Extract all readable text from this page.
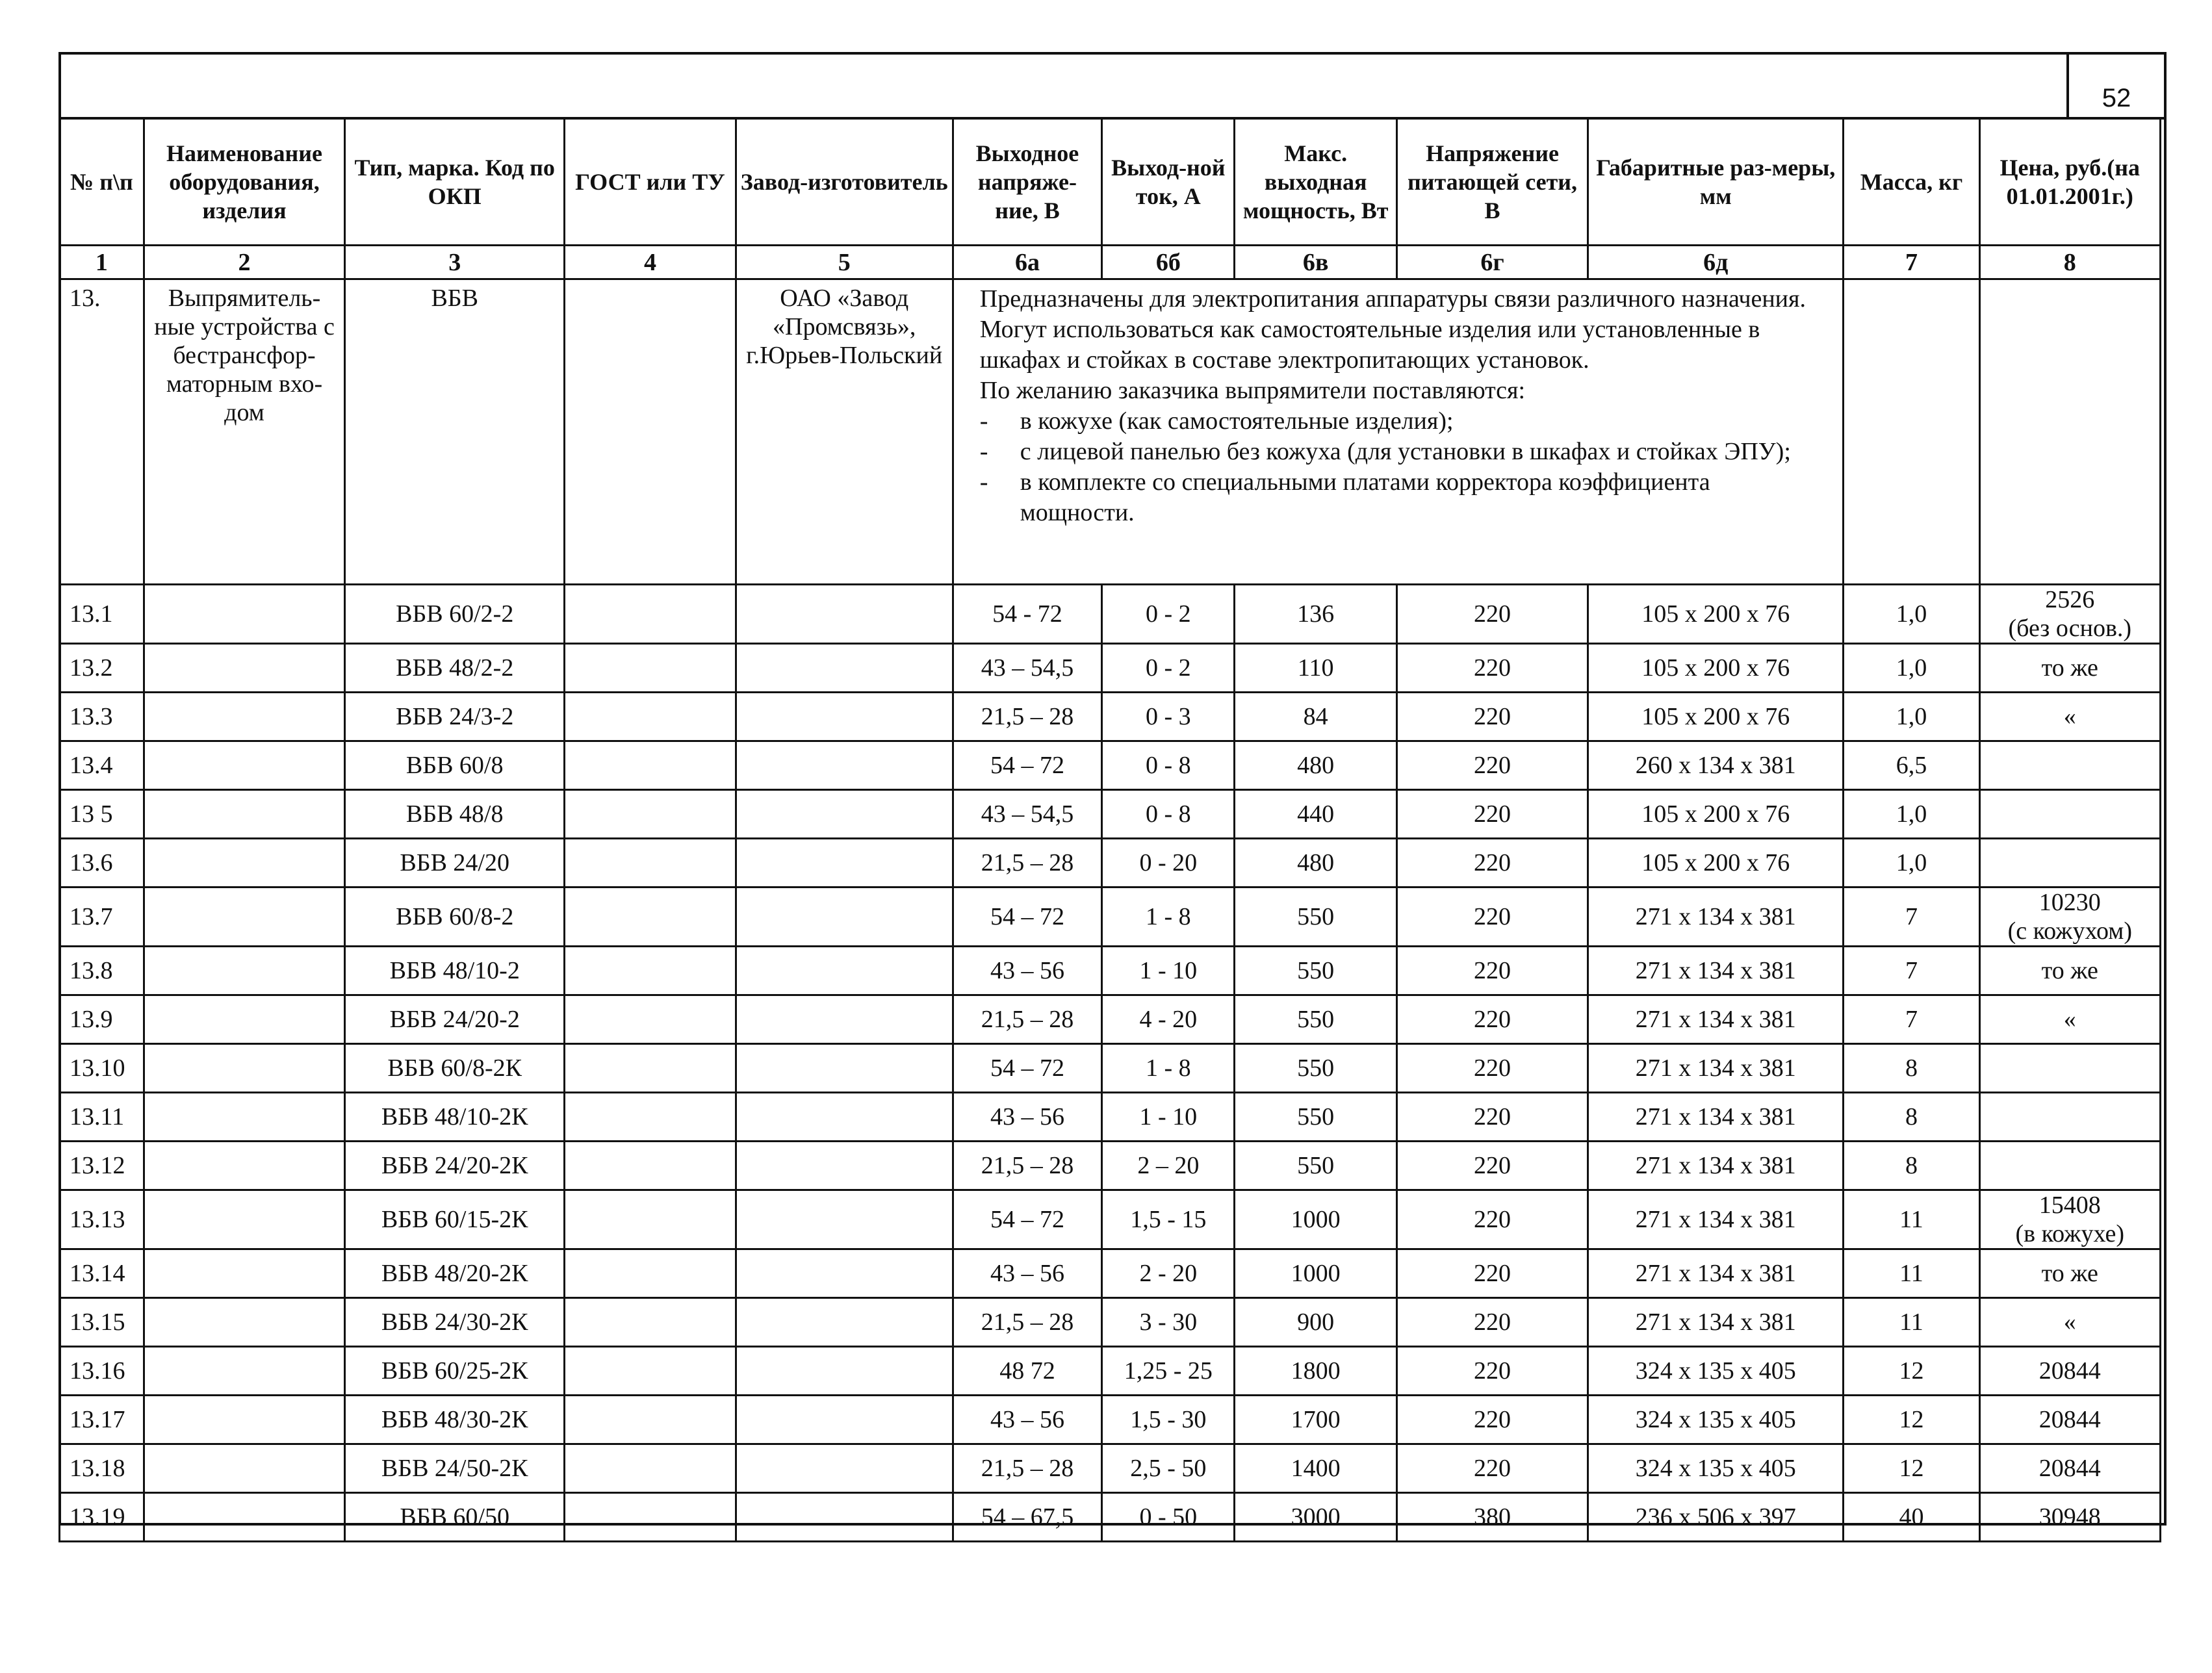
52
№ п\п	Наименование оборудования, изделия	Тип, марка. Код по ОКП	ГОСТ или ТУ	Завод-изготовитель	Выходное напряже-ние, В	Выход-ной ток, А	Макс. выходная мощность, Вт	Напряжение питающей сети, В	Габаритные раз-меры, мм	Масса, кг	Цена, руб.(на 01.01.2001г.)
1	2	3	4	5	6а	6б	6в	6г	6д	7	8
13.	Выпрямитель-ные устройства с бестрансфор-маторным вхо-дом	ВБВ		ОАО «Завод «Промсвязь», г.Юрьев-Польский	Предназначены для электропитания аппаратуры связи различного назначения. Могут использоваться как самостоятельные изделия или установленные в шкафах и стойках в составе электропитающих установок.
По желанию заказчика выпрямители поставляются:
- в кожухе (как самостоятельные изделия);
- с лицевой панелью без кожуха (для установки в шкафах и стойках ЭПУ);
- в комплекте со специальными платами корректора коэффициента мощности.

13.1		ВБВ 60/2-2			54 - 72	0 - 2	136	220	105 х 200 х 76	1,0	2526
(без основ.)

13.2		ВБВ 48/2-2			43 – 54,5	0 - 2	110	220	105 х 200 х 76	1,0	то же
13.3		ВБВ 24/3-2			21,5 – 28	0 - 3	84	220	105 х 200 х 76	1,0	«
13.4		ВБВ 60/8			54 – 72	0 - 8	480	220	260 х 134 х 381	6,5	
13 5		ВБВ 48/8			43 – 54,5	0 - 8	440	220	105 х 200 х 76	1,0	
13.6		ВБВ 24/20			21,5 – 28	0 - 20	480	220	105 х 200 х 76	1,0	
13.7		ВБВ 60/8-2			54 – 72	1 - 8	550	220	271 х 134 х 381	7	10230
(с кожухом)

13.8		ВБВ 48/10-2			43 – 56	1 - 10	550	220	271 х 134 х 381	7	то же
13.9		ВБВ 24/20-2			21,5 – 28	4 - 20	550	220	271 х 134 х 381	7	«
13.10		ВБВ 60/8-2К			54 – 72	1 - 8	550	220	271 х 134 х 381	8	
13.11		ВБВ 48/10-2К			43 – 56	1 - 10	550	220	271 х 134 х 381	8	
13.12		ВБВ 24/20-2К			21,5 – 28	2 – 20	550	220	271 х 134 х 381	8	
13.13		ВБВ 60/15-2К			54 – 72	1,5 - 15	1000	220	271 х 134 х 381	11	15408
(в кожухе)

13.14		ВБВ 48/20-2К			43 – 56	2 - 20	1000	220	271 х 134 х 381	11	то же
13.15		ВБВ 24/30-2К			21,5 – 28	3 - 30	900	220	271 х 134 х 381	11	«
13.16		ВБВ 60/25-2К			48 72	1,25 - 25	1800	220	324 х 135 х 405	12	20844
13.17		ВБВ 48/30-2К			43 – 56	1,5 - 30	1700	220	324 х 135 х 405	12	20844
13.18		ВБВ 24/50-2К			21,5 – 28	2,5 - 50	1400	220	324 х 135 х 405	12	20844
13.19		ВБВ 60/50			54 – 67,5	0 - 50	3000	380	236 х 506 х 397	40	30948
